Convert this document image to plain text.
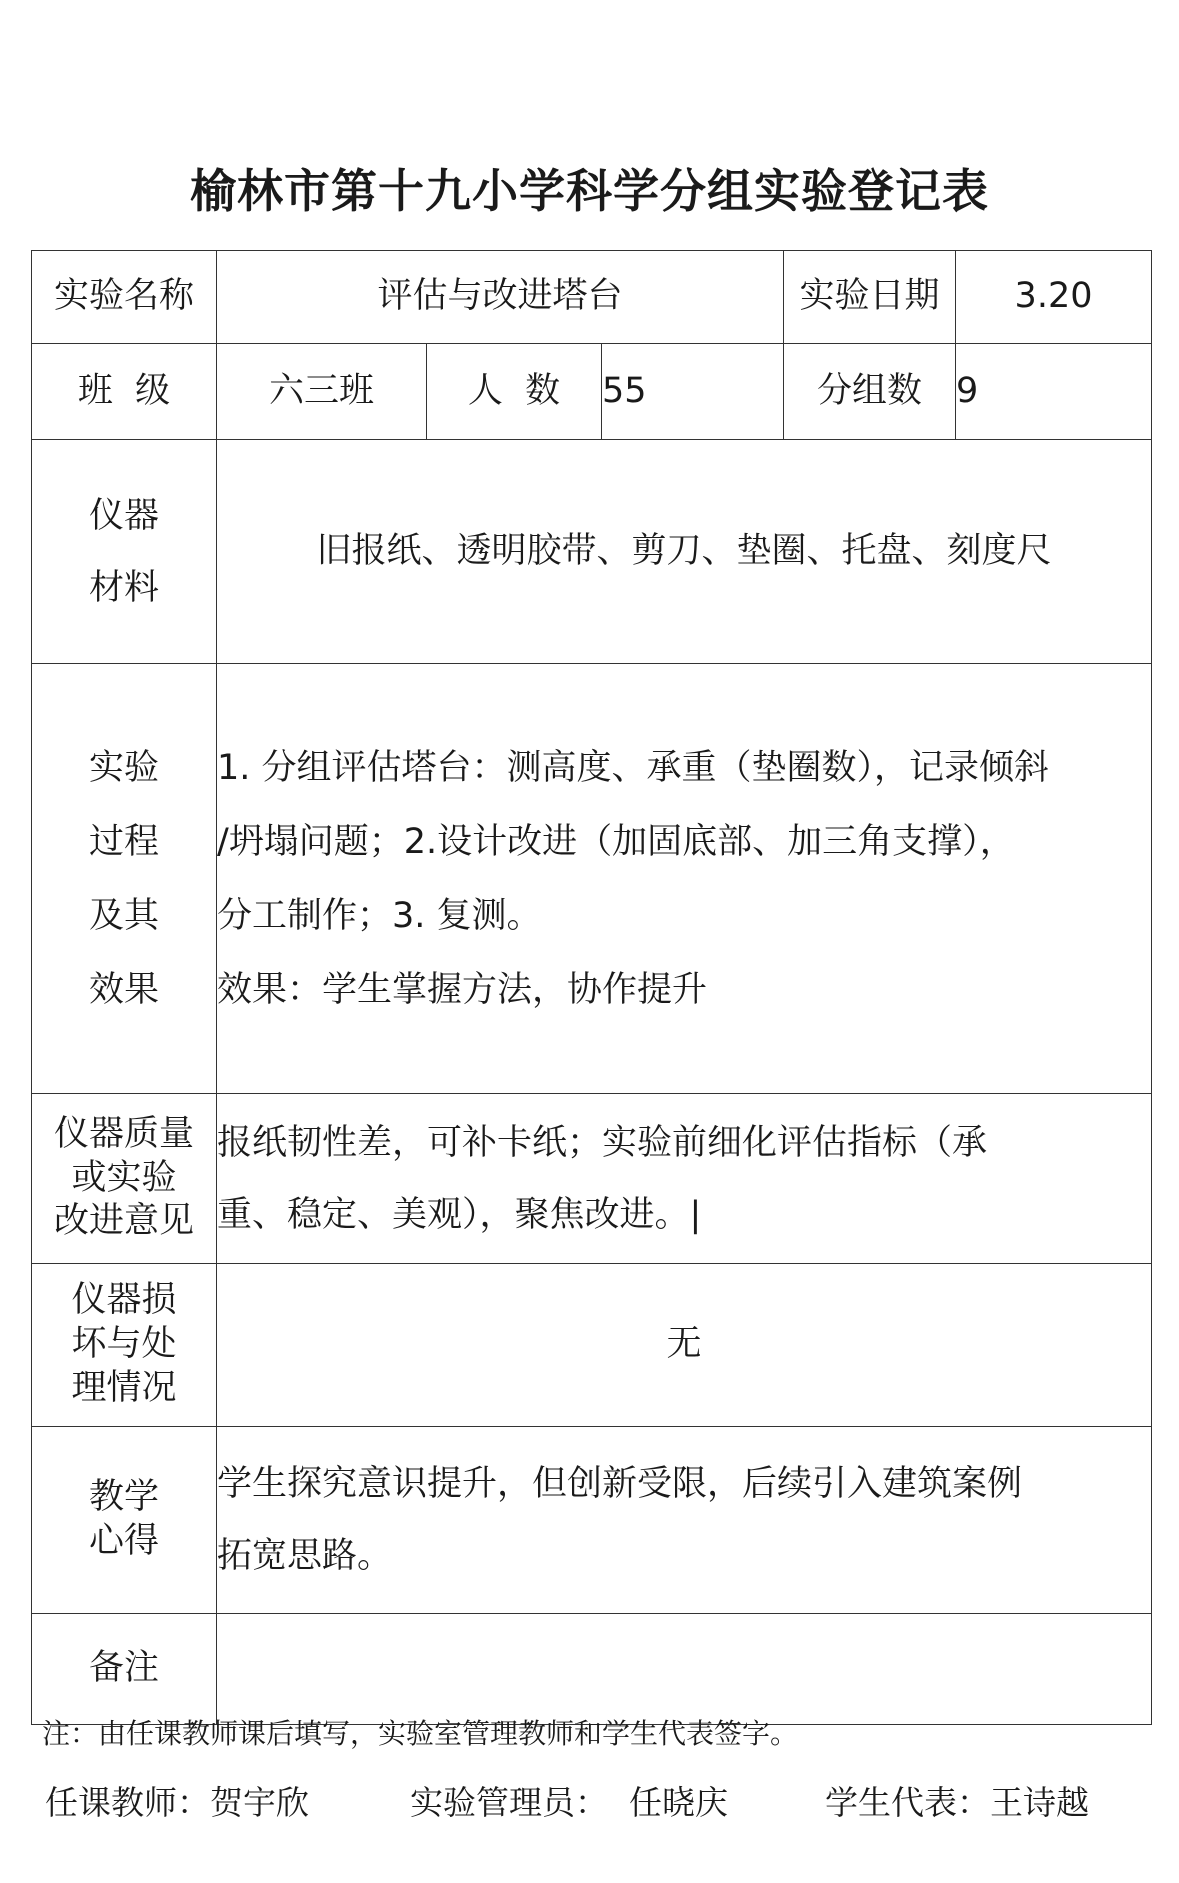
榆林市第十九小学科学分组实验登记表
实验名称	评估与改进塔台			实验日期	3.20
班  级	六三班	人  数	55	分组数	9

仪器
材料	旧报纸、透明胶带、剪刀、垫圈、托盘、刻度尺				

实验
过程
及其
效果	1. 分组评估塔台：测高度、承重（垫圈数），记录倾斜
/坍塌问题；2.设计改进（加固底部、加三角支撑），
分工制作；3. 复测。
效果：学生掌握方法，协作提升				

仪器质量
或实验
改进意见	报纸韧性差，可补卡纸；实验前细化评估指标（承
重、稳定、美观），聚焦改进。|				

仪器损
坏与处
理情况	无				

教学
心得	学生探究意识提升，但创新受限，后续引入建筑案例
拓宽思路。				

备注					
注：由任课教师课后填写，实验室管理教师和学生代表签字。
任课教师：贺宇欣	实验管理员：  任晓庆	学生代表：王诗越
